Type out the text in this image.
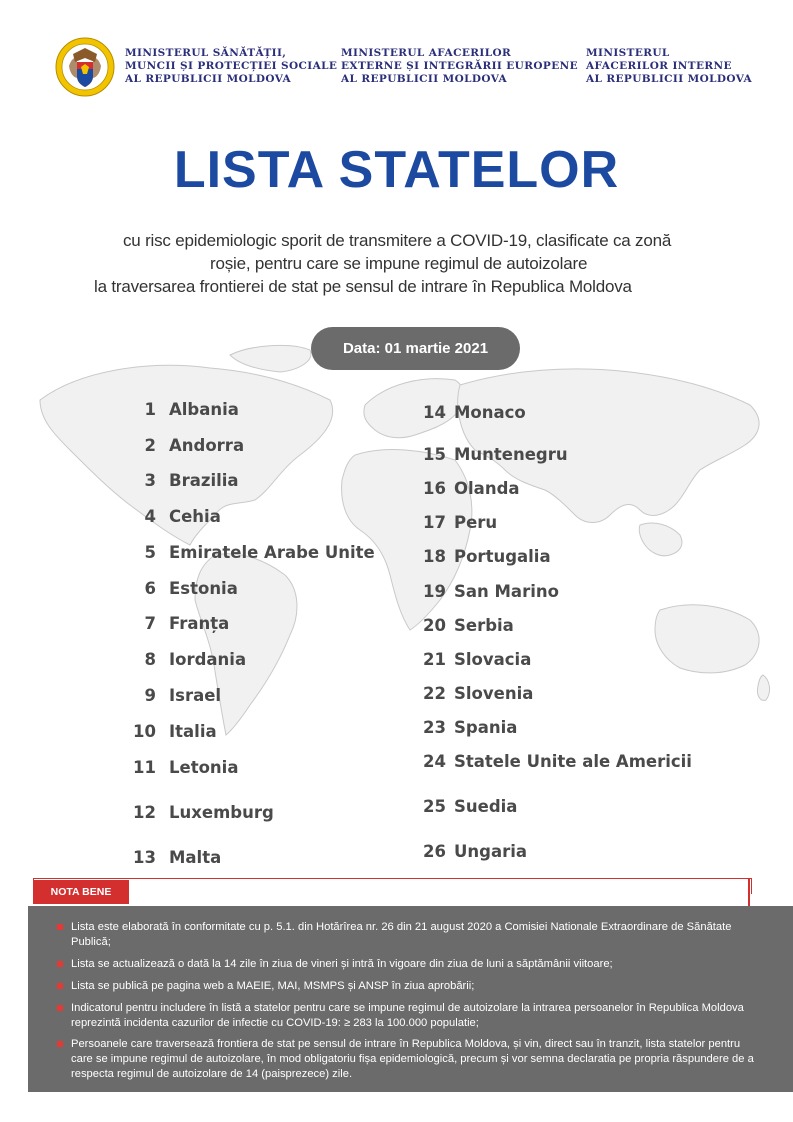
MINISTERUL SĂNĂTĂȚII,
MUNCII ȘI PROTECȚIEI SOCIALE
AL REPUBLICII MOLDOVA
MINISTERUL AFACERILOR
EXTERNE ȘI INTEGRĂRII EUROPENE
AL REPUBLICII MOLDOVA
MINISTERUL
AFACERILOR INTERNE
AL REPUBLICII MOLDOVA
LISTA STATELOR
cu risc epidemiologic sporit de transmitere a COVID-19, clasificate ca zonă
roșie, pentru care se impune regimul de autoizolare
la traversarea frontierei de stat pe sensul de intrare în Republica Moldova
Data: 01 martie 2021
1 Albania
2 Andorra
3 Brazilia
4 Cehia
5 Emiratele Arabe Unite
6 Estonia
7 Franța
8 Iordania
9 Israel
10 Italia
11 Letonia
12 Luxemburg
13 Malta
14 Monaco
15 Muntenegru
16 Olanda
17 Peru
18 Portugalia
19 San Marino
20 Serbia
21 Slovacia
22 Slovenia
23 Spania
24 Statele Unite ale Americii
25 Suedia
26 Ungaria
NOTA BENE
Lista este elaborată în conformitate cu p. 5.1. din Hotărîrea nr. 26 din 21 august 2020 a Comisiei Nationale Extraordinare de Sănătate Publică;
Lista se actualizează o dată la 14 zile în ziua de vineri și intră în vigoare din ziua de luni a săptămânii viitoare;
Lista se publică pe pagina web a MAEIE, MAI, MSMPS și ANSP în ziua aprobării;
Indicatorul pentru includere în listă a statelor pentru care se impune regimul de autoizolare la intrarea persoanelor în Republica Moldova reprezintă incidenta cazurilor de infectie cu COVID-19: ≥ 283 la 100.000 populatie;
Persoanele care traversează frontiera de stat pe sensul de intrare în Republica Moldova, și vin, direct sau în tranzit, lista statelor pentru care se impune regimul de autoizolare, în mod obligatoriu fișa epidemiologică, precum și vor semna declaratia pe propria răspundere de a respecta regimul de autoizolare de 14 (paisprezece) zile.
